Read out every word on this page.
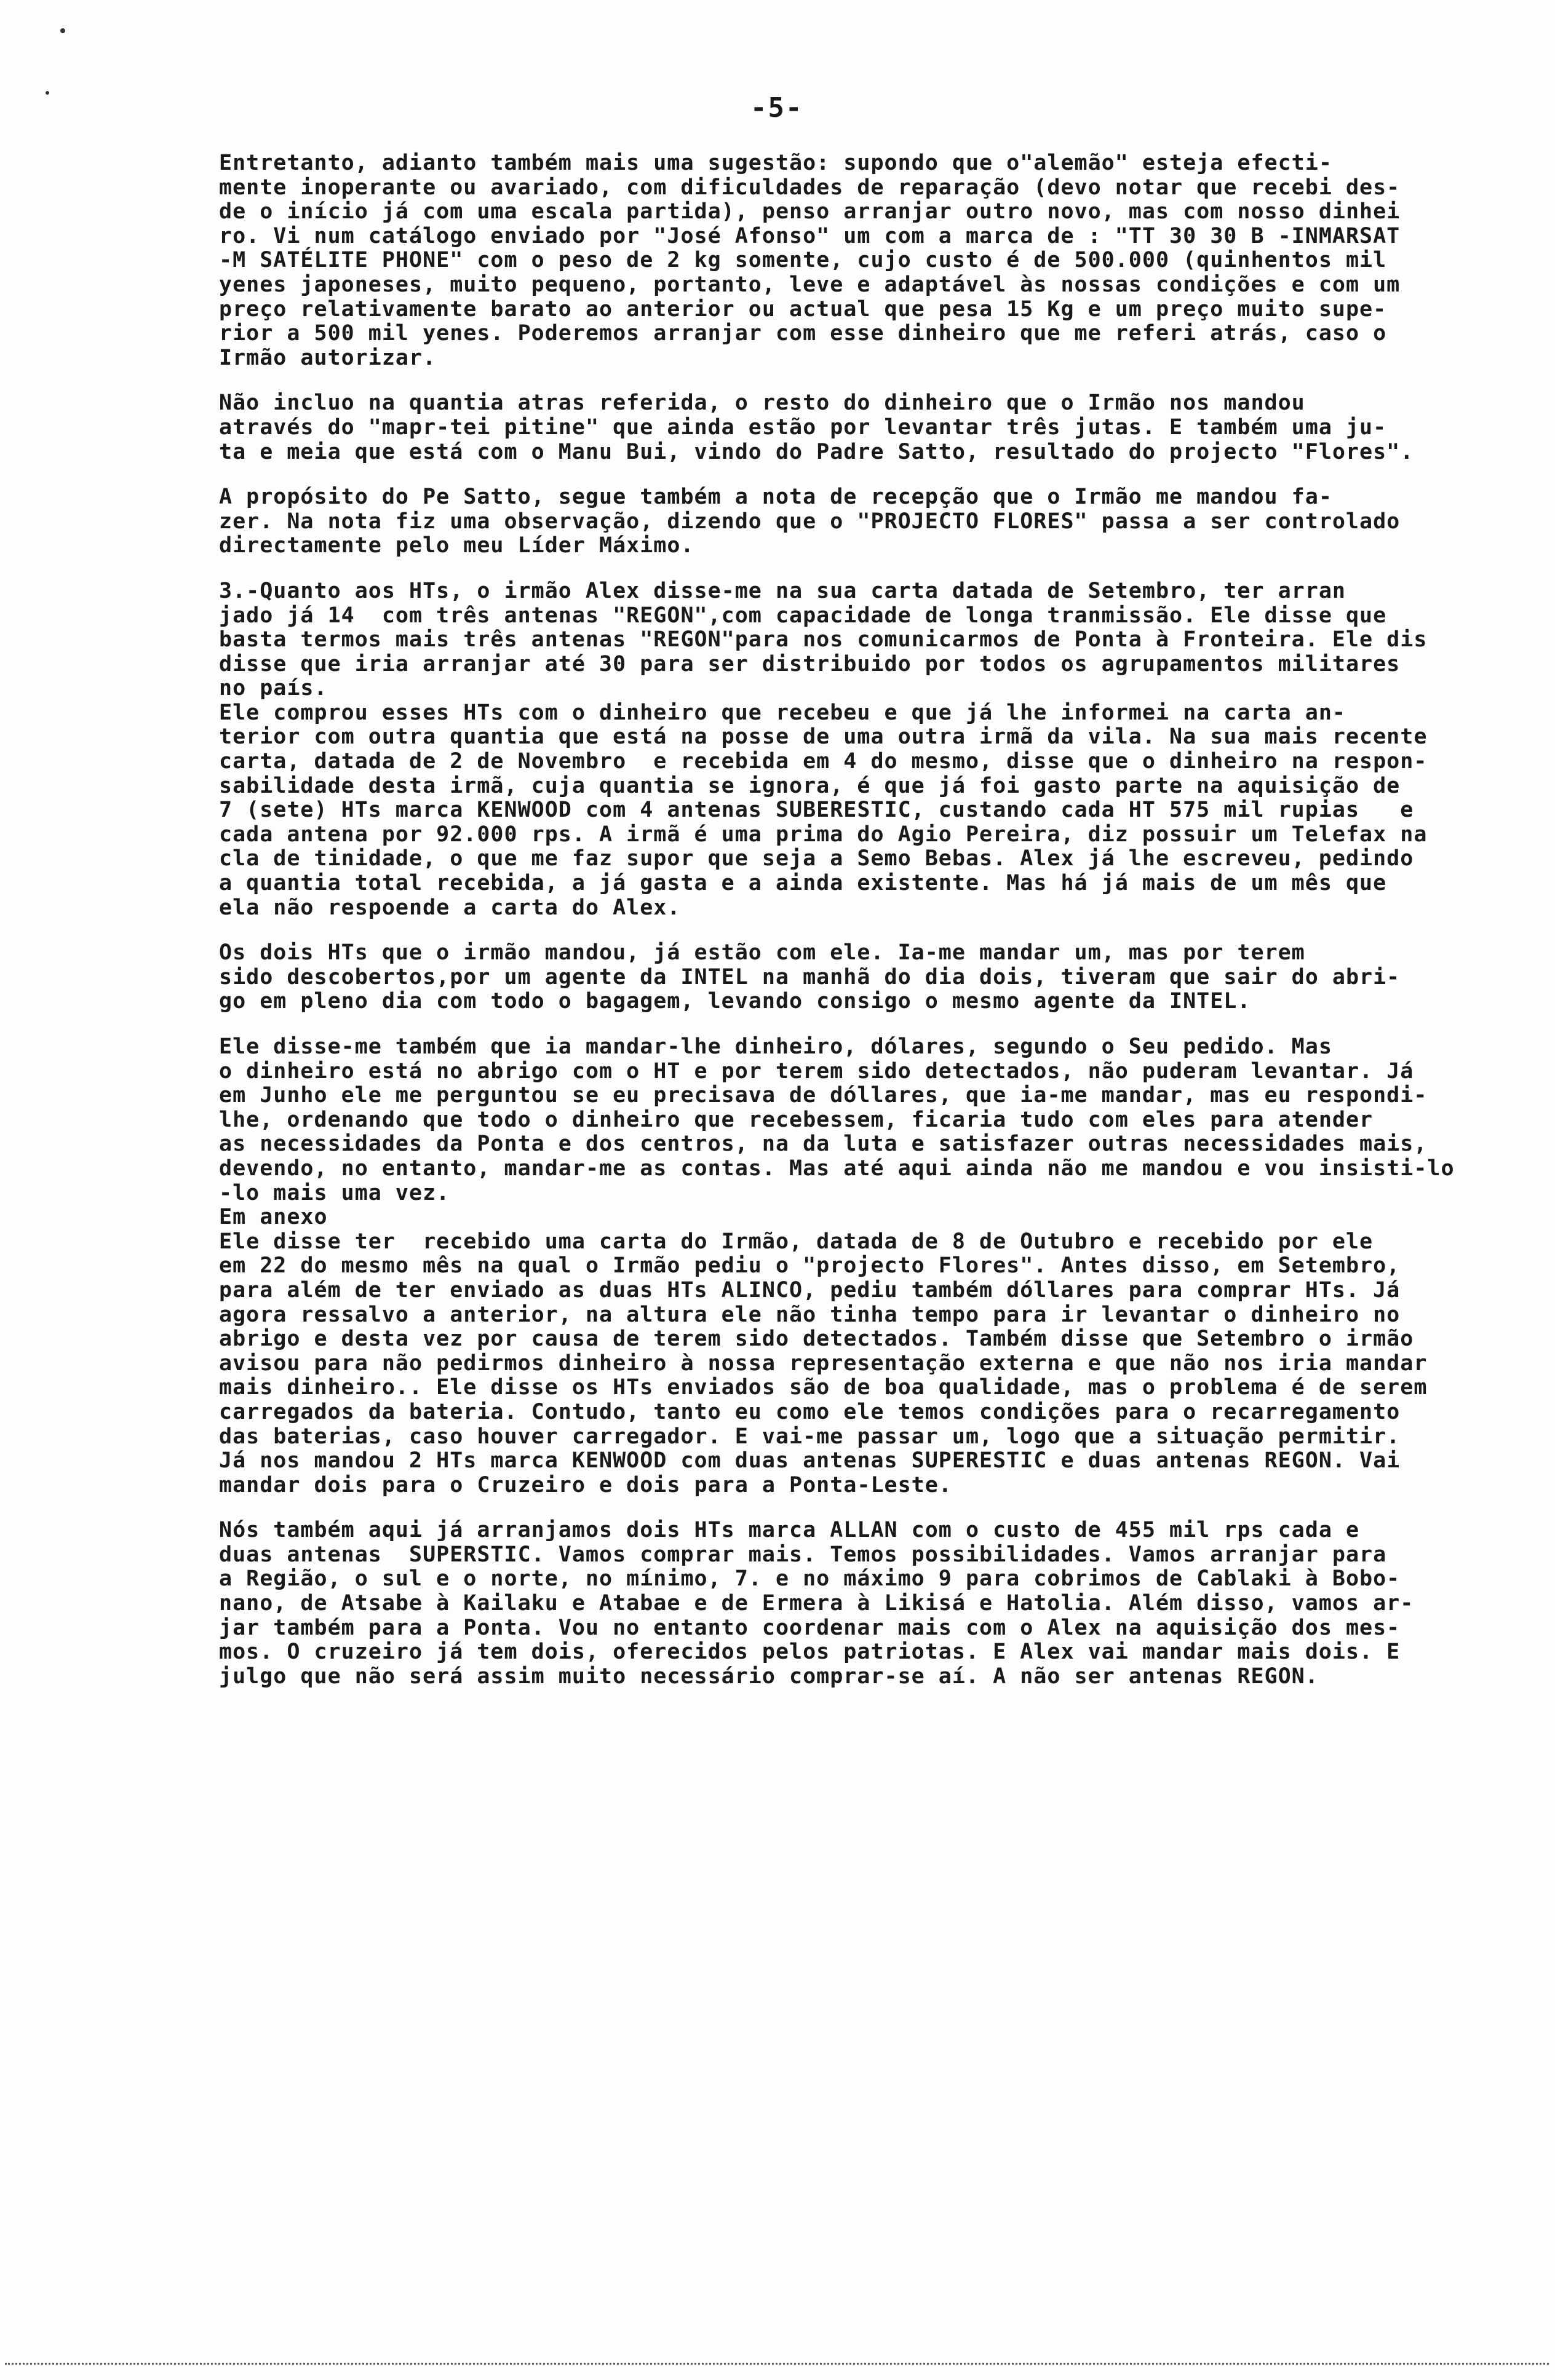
-5-
Entretanto, adianto também mais uma sugestão: supondo que o"alemão" esteja efecti-
mente inoperante ou avariado, com dificuldades de reparação (devo notar que recebi des-
de o início já com uma escala partida), penso arranjar outro novo, mas com nosso dinhei
ro. Vi num catálogo enviado por "José Afonso" um com a marca de : "TT 30 30 B -INMARSAT
-M SATÉLITE PHONE" com o peso de 2 kg somente, cujo custo é de 500.000 (quinhentos mil
yenes japoneses, muito pequeno, portanto, leve e adaptável às nossas condições e com um
preço relativamente barato ao anterior ou actual que pesa 15 Kg e um preço muito supe-
rior a 500 mil yenes. Poderemos arranjar com esse dinheiro que me referi atrás, caso o
Irmão autorizar.
Não incluo na quantia atras referida, o resto do dinheiro que o Irmão nos mandou
através do "mapr-tei pitine" que ainda estão por levantar três jutas. E também uma ju-
ta e meia que está com o Manu Bui, vindo do Padre Satto, resultado do projecto "Flores".
A propósito do Pe Satto, segue também a nota de recepção que o Irmão me mandou fa-
zer. Na nota fiz uma observação, dizendo que o "PROJECTO FLORES" passa a ser controlado
directamente pelo meu Líder Máximo.
3.-Quanto aos HTs, o irmão Alex disse-me na sua carta datada de Setembro, ter arran
jado já 14  com três antenas "REGON",com capacidade de longa tranmissão. Ele disse que
basta termos mais três antenas "REGON"para nos comunicarmos de Ponta à Fronteira. Ele dis
disse que iria arranjar até 30 para ser distribuido por todos os agrupamentos militares
no país.
Ele comprou esses HTs com o dinheiro que recebeu e que já lhe informei na carta an-
terior com outra quantia que está na posse de uma outra irmã da vila. Na sua mais recente
carta, datada de 2 de Novembro  e recebida em 4 do mesmo, disse que o dinheiro na respon-
sabilidade desta irmã, cuja quantia se ignora, é que já foi gasto parte na aquisição de
7 (sete) HTs marca KENWOOD com 4 antenas SUBERESTIC, custando cada HT 575 mil rupias   e
cada antena por 92.000 rps. A irmã é uma prima do Agio Pereira, diz possuir um Telefax na
cla de tinidade, o que me faz supor que seja a Semo Bebas. Alex já lhe escreveu, pedindo
a quantia total recebida, a já gasta e a ainda existente. Mas há já mais de um mês que
ela não respoende a carta do Alex.
Os dois HTs que o irmão mandou, já estão com ele. Ia-me mandar um, mas por terem
sido descobertos,por um agente da INTEL na manhã do dia dois, tiveram que sair do abri-
go em pleno dia com todo o bagagem, levando consigo o mesmo agente da INTEL.
Ele disse-me também que ia mandar-lhe dinheiro, dólares, segundo o Seu pedido. Mas
o dinheiro está no abrigo com o HT e por terem sido detectados, não puderam levantar. Já
em Junho ele me perguntou se eu precisava de dóllares, que ia-me mandar, mas eu respondi-
lhe, ordenando que todo o dinheiro que recebessem, ficaria tudo com eles para atender
as necessidades da Ponta e dos centros, na da luta e satisfazer outras necessidades mais,
devendo, no entanto, mandar-me as contas. Mas até aqui ainda não me mandou e vou insisti-lo
-lo mais uma vez.
Em anexo
Ele disse ter  recebido uma carta do Irmão, datada de 8 de Outubro e recebido por ele
em 22 do mesmo mês na qual o Irmão pediu o "projecto Flores". Antes disso, em Setembro,
para além de ter enviado as duas HTs ALINCO, pediu também dóllares para comprar HTs. Já
agora ressalvo a anterior, na altura ele não tinha tempo para ir levantar o dinheiro no
abrigo e desta vez por causa de terem sido detectados. Também disse que Setembro o irmão
avisou para não pedirmos dinheiro à nossa representação externa e que não nos iria mandar
mais dinheiro.. Ele disse os HTs enviados são de boa qualidade, mas o problema é de serem
carregados da bateria. Contudo, tanto eu como ele temos condições para o recarregamento
das baterias, caso houver carregador. E vai-me passar um, logo que a situação permitir.
Já nos mandou 2 HTs marca KENWOOD com duas antenas SUPERESTIC e duas antenas REGON. Vai
mandar dois para o Cruzeiro e dois para a Ponta-Leste.
Nós também aqui já arranjamos dois HTs marca ALLAN com o custo de 455 mil rps cada e
duas antenas  SUPERSTIC. Vamos comprar mais. Temos possibilidades. Vamos arranjar para
a Região, o sul e o norte, no mínimo, 7. e no máximo 9 para cobrimos de Cablaki à Bobo-
nano, de Atsabe à Kailaku e Atabae e de Ermera à Likisá e Hatolia. Além disso, vamos ar-
jar também para a Ponta. Vou no entanto coordenar mais com o Alex na aquisição dos mes-
mos. O cruzeiro já tem dois, oferecidos pelos patriotas. E Alex vai mandar mais dois. E
julgo que não será assim muito necessário comprar-se aí. A não ser antenas REGON.
